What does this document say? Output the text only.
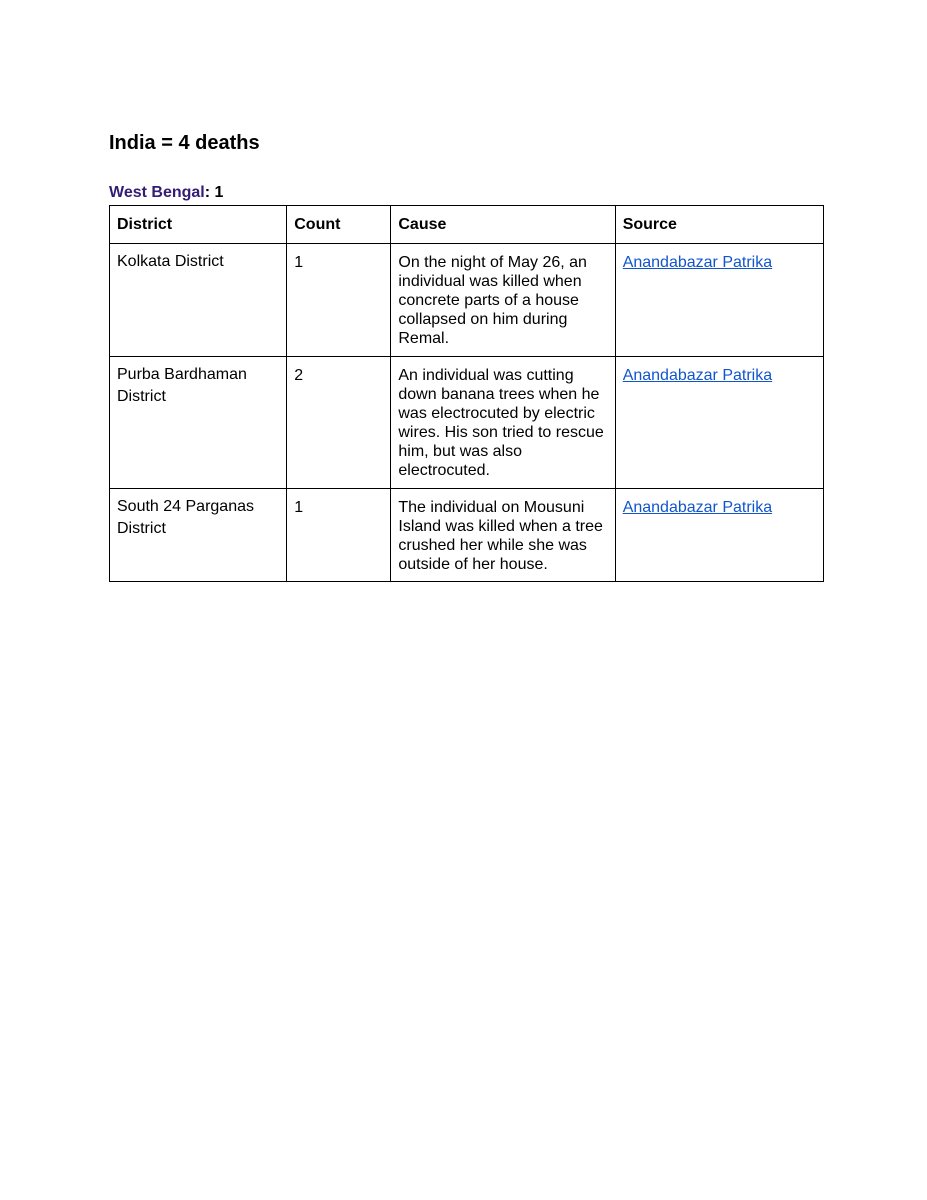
India = 4 deaths

West Bengal: 1

District	Count	Cause	Source
Kolkata District	1	On the night of May 26, an individual was killed when concrete parts of a house collapsed on him during Remal.	Anandabazar Patrika
Purba Bardhaman District	2	An individual was cutting down banana trees when he was electrocuted by electric wires. His son tried to rescue him, but was also electrocuted.	Anandabazar Patrika
South 24 Parganas District	1	The individual on Mousuni Island was killed when a tree crushed her while she was outside of her house.	Anandabazar Patrika
